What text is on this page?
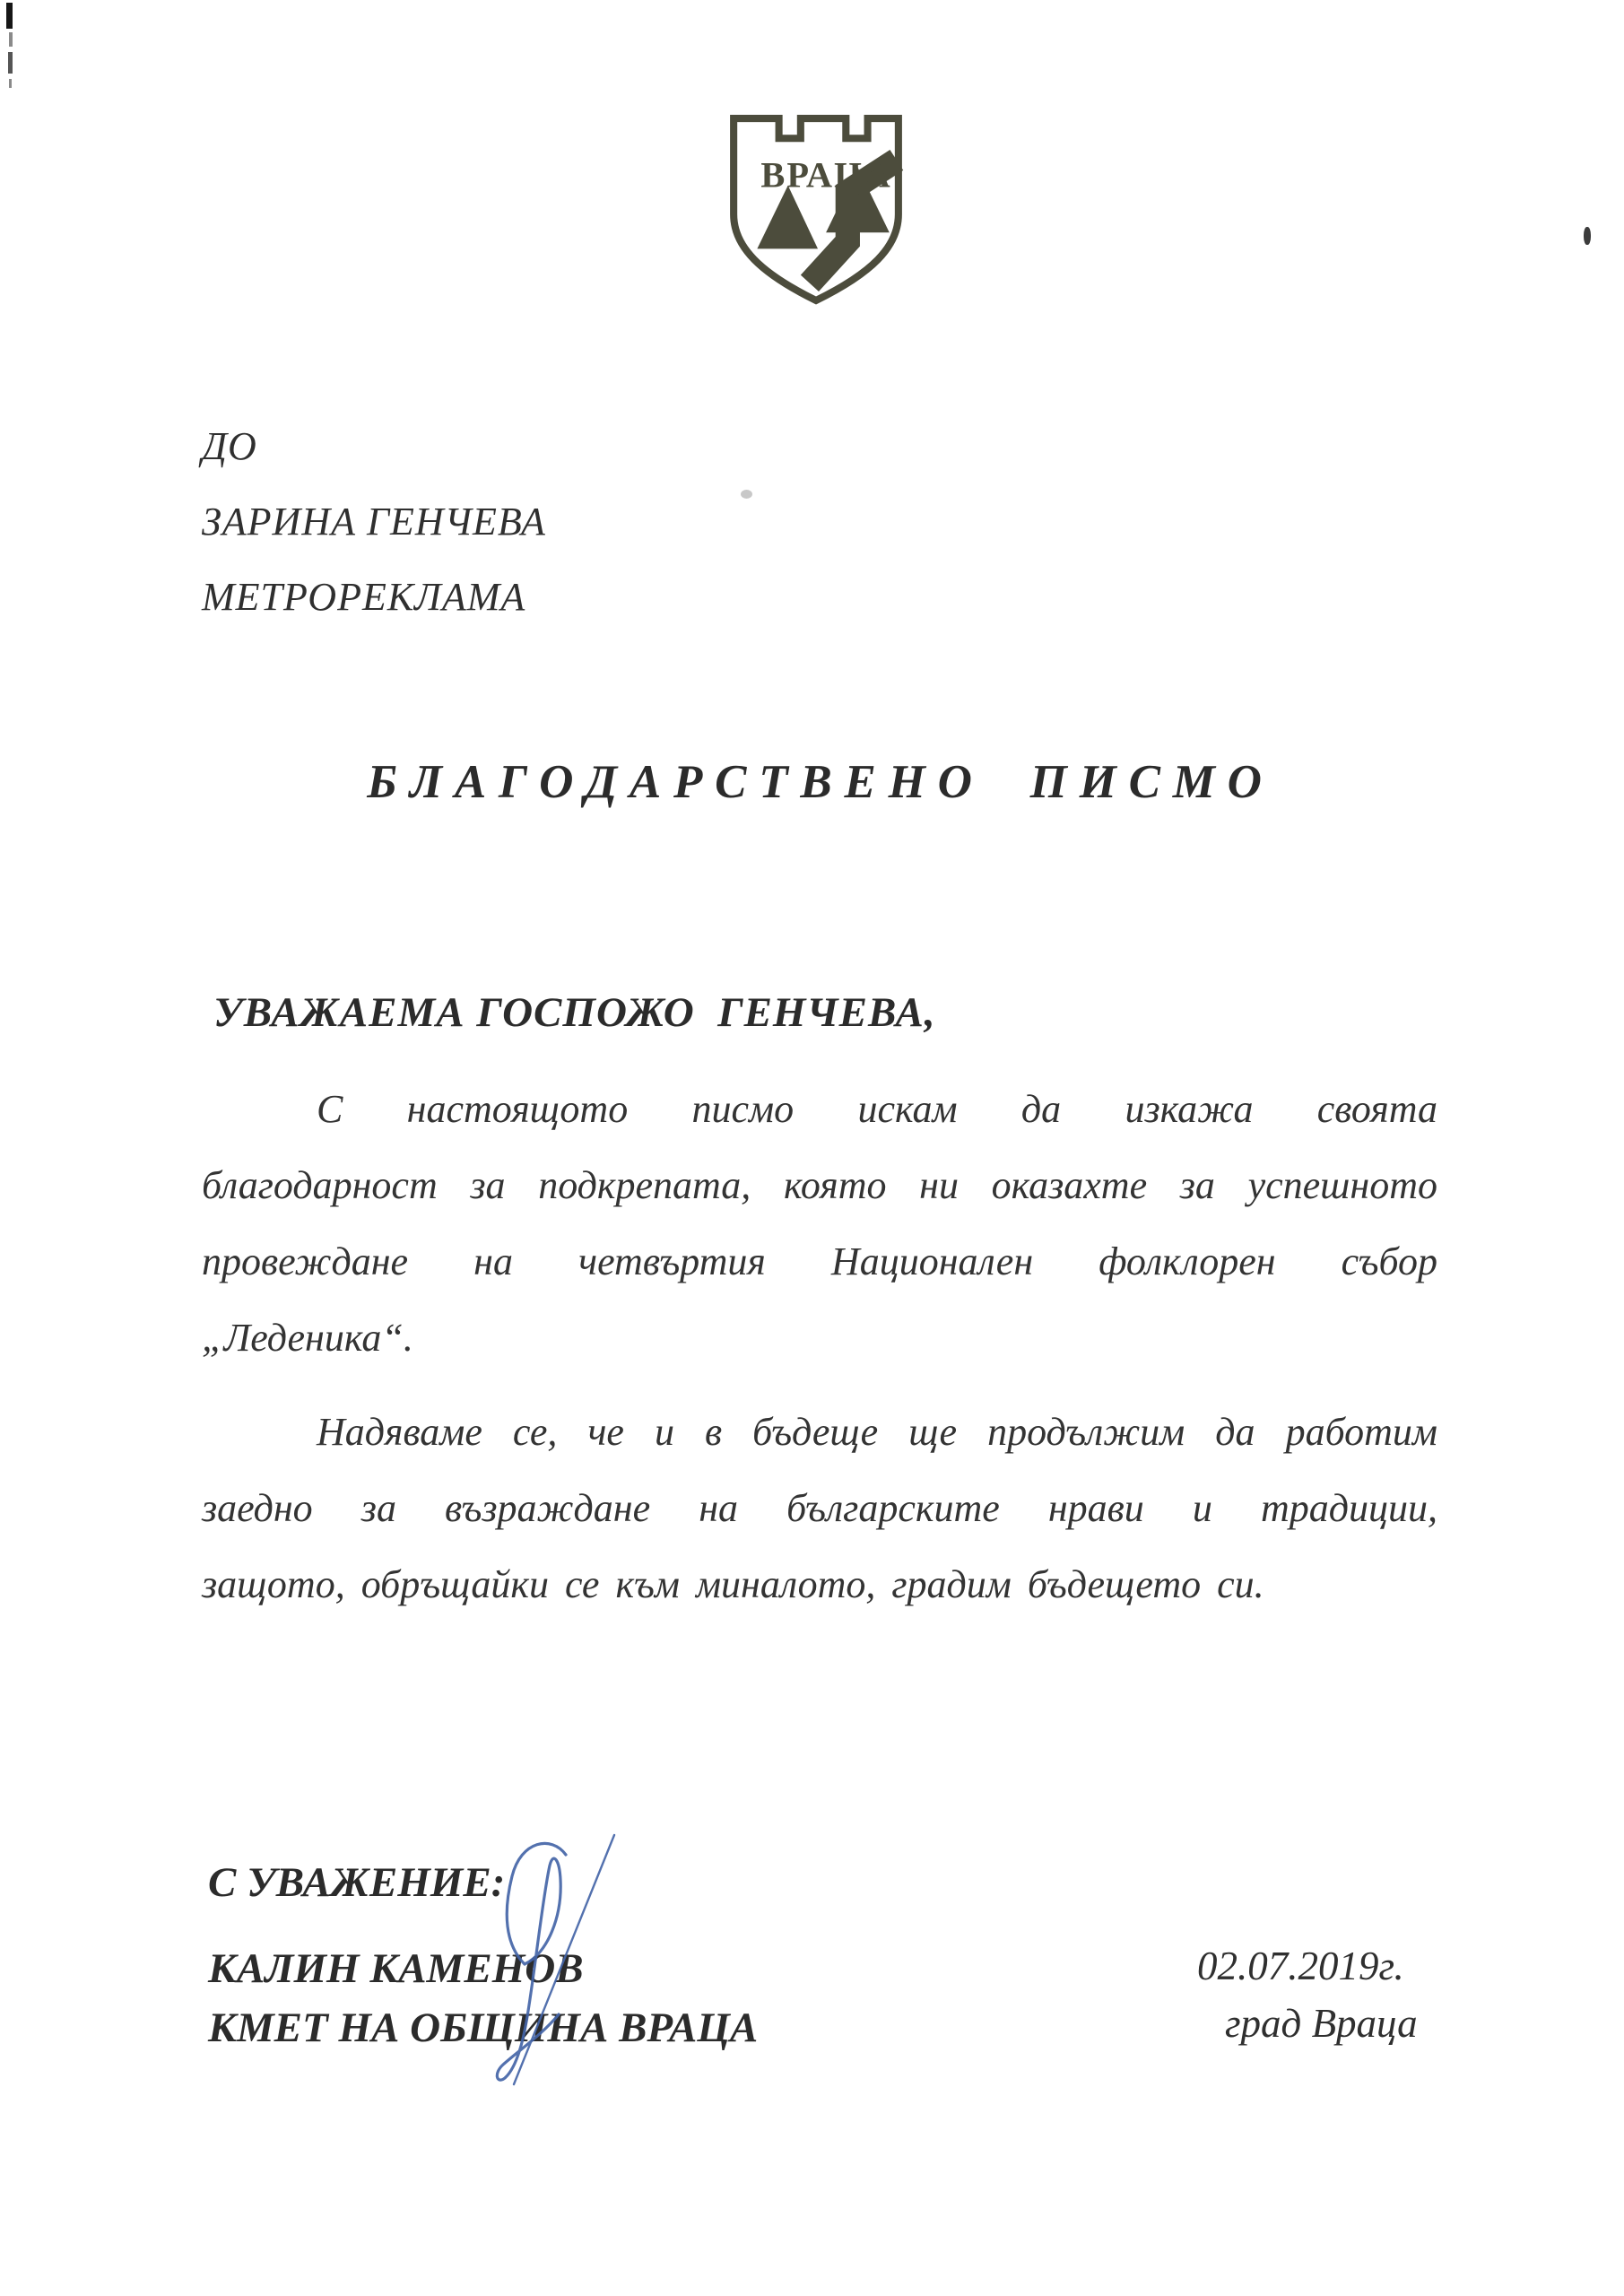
ВРАЦА
ДО
ЗАРИНА ГЕНЧЕВА
МЕТРОРЕКЛАМА
БЛАГОДАРСТВЕНО ПИСМО
УВАЖАЕМА ГОСПОЖО  ГЕНЧЕВА,
С настоящото писмо искам да изкажа своята
благодарност за подкрепата, която ни оказахте за успешното
провеждане на четвъртия Национален фолклорен събор
„Леденика“.
Надяваме се, че и в бъдеще ще продължим да работим
заедно за възраждане на българските нрави и традиции,
защото, обръщайки се към миналото, градим бъдещето си.
С УВАЖЕНИЕ:
КАЛИН КАМЕНОВ
КМЕТ НА ОБЩИНА ВРАЦА
02.07.2019г.
град Враца
